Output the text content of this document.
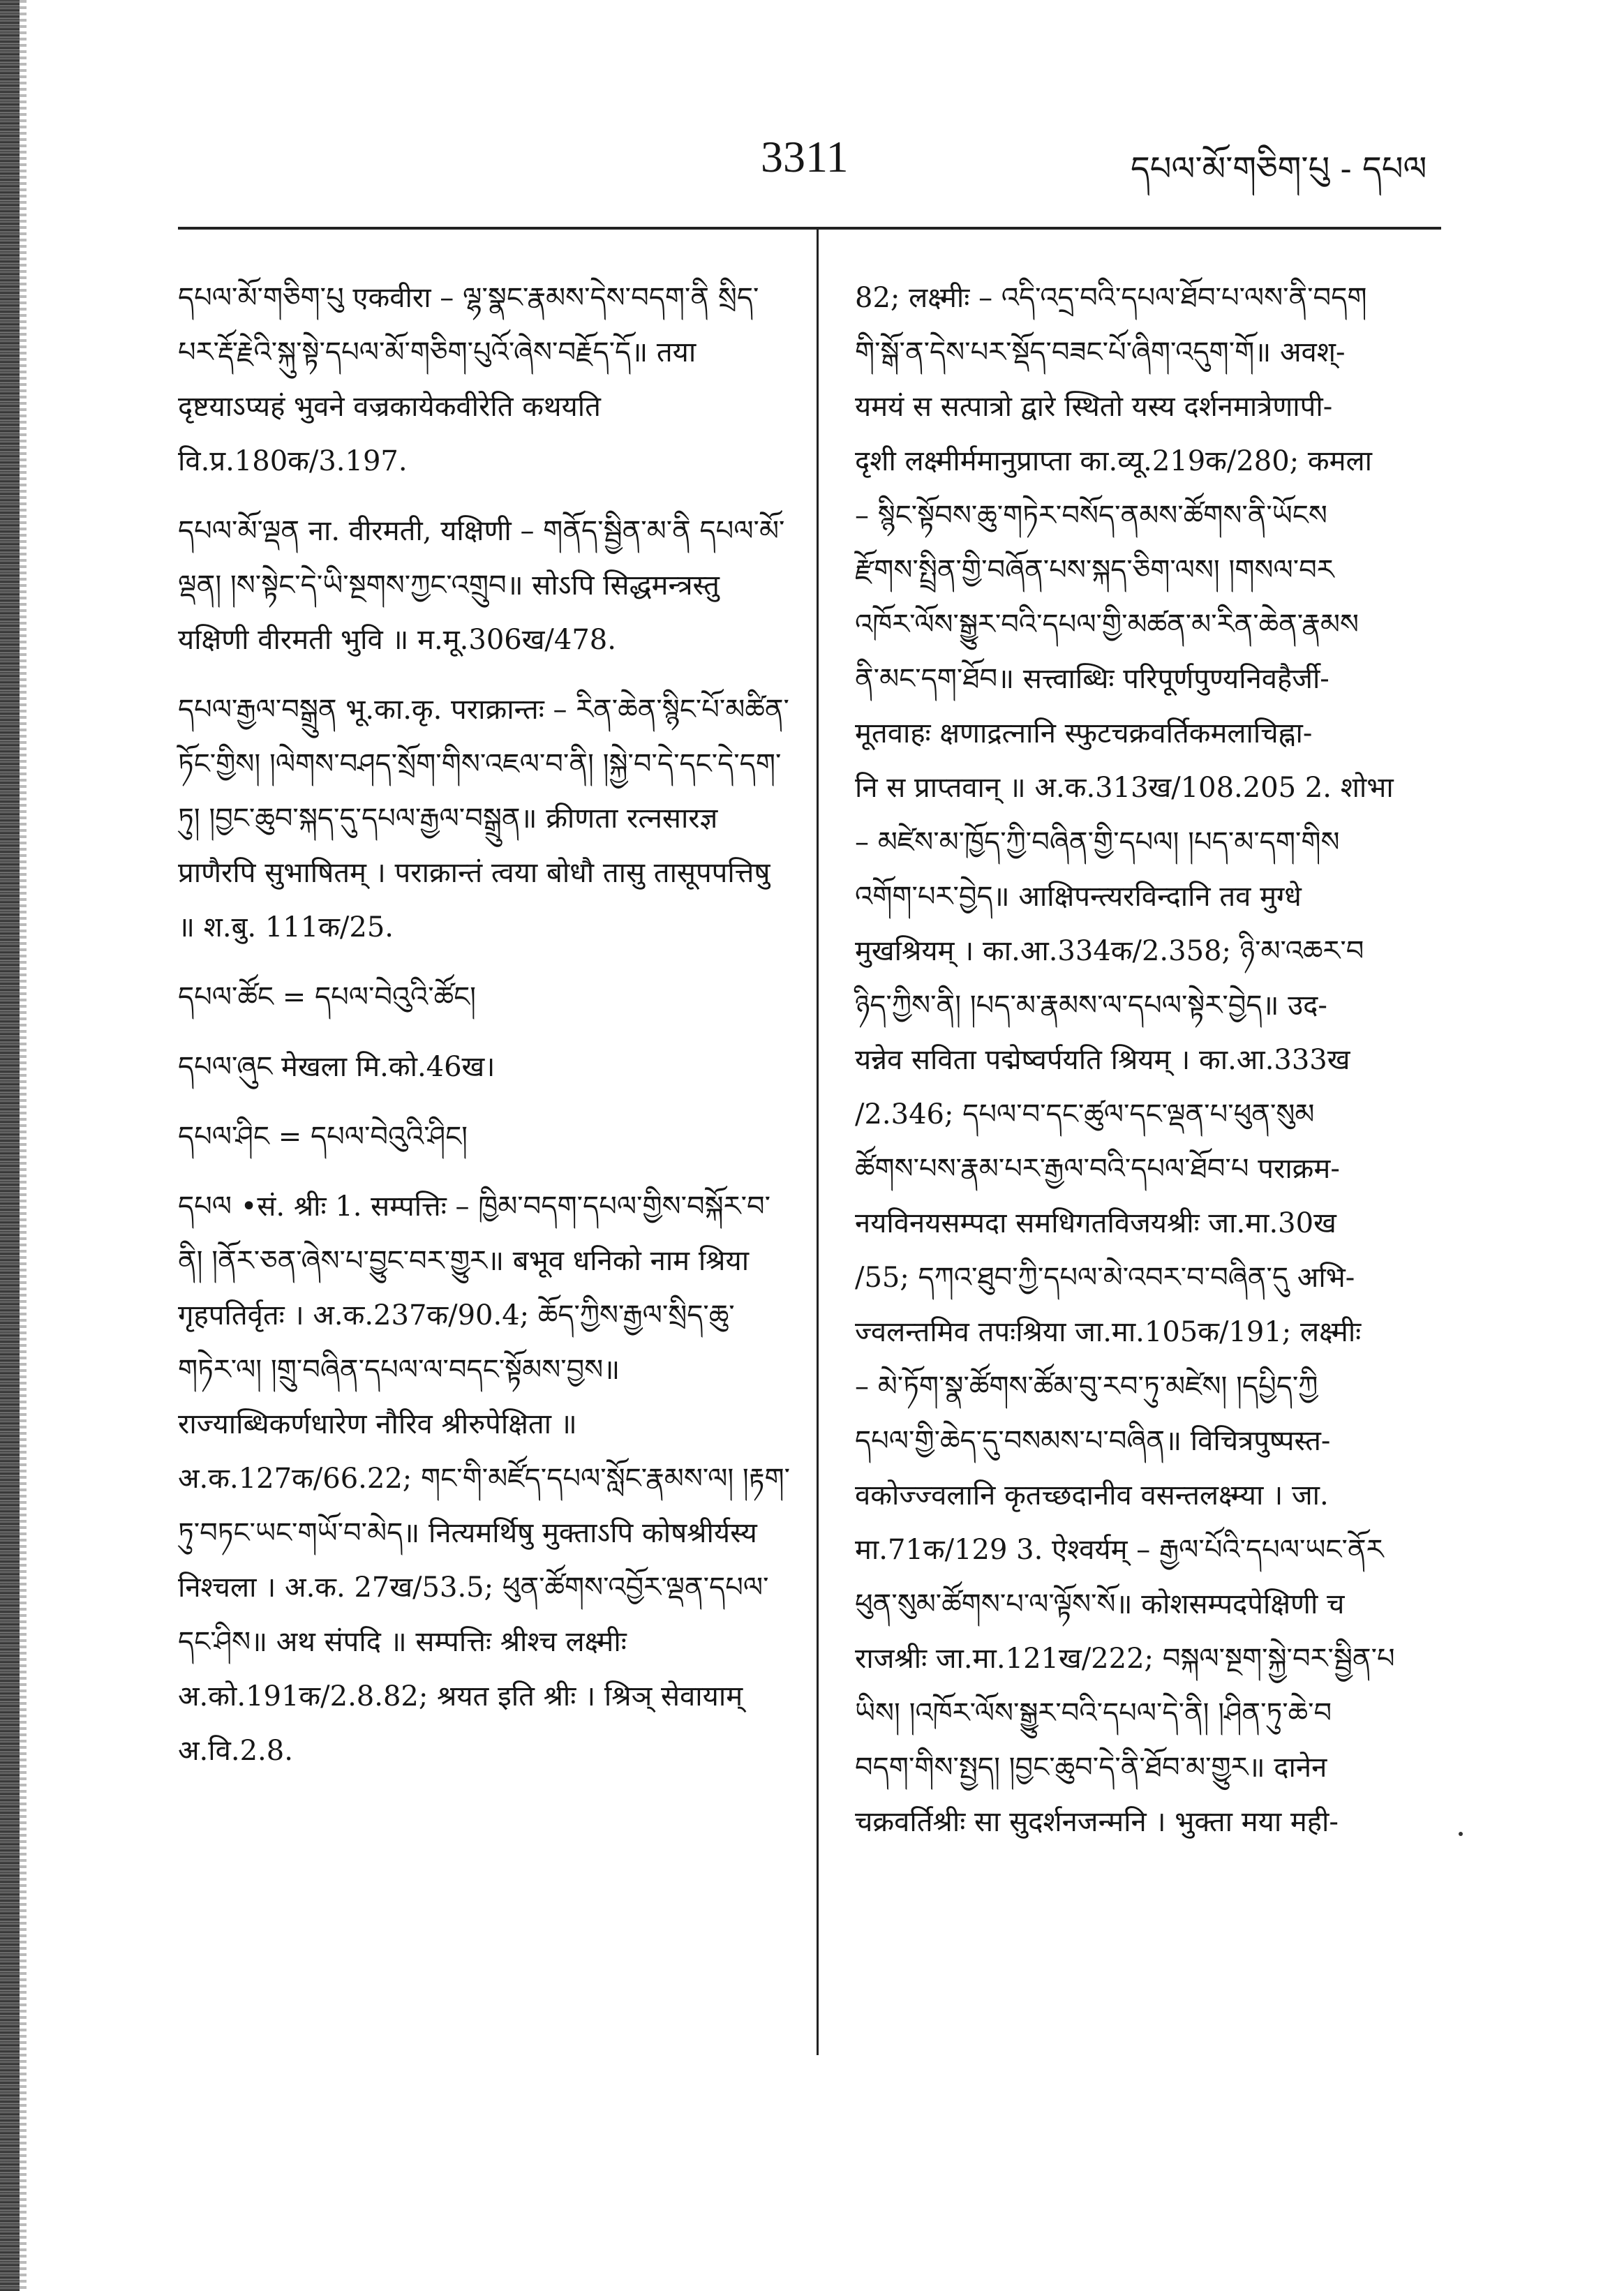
3311	དཔལ་མོ་གཅིག་པུ - དཔལ

དཔལ་མོ་གཅིག་པུ एकवीरा – ལྷ་སྣང་རྣམས་དེས་བདག་ནི སྲིད་པར་རྡོ་རྗེའི་སྐུ་སྟེ་དཔལ་མོ་གཅིག་པུའོ་ཞེས་བརྗོད་དོ॥ तया दृष्टयाऽप्यहं भुवने वज्रकायेकवीरेति कथयति वि.प्र.180क/3.197.

དཔལ་མོ་ལྡན ना. वीरमती, यक्षिणी – གནོད་སྦྱིན་མ་ནི དཔལ་མོ་ལྡན། །ས་སྟེང་དེ་ཡི་སྔགས་ཀྱང་འགྲུབ॥ सोऽपि सिद्धमन्त्रस्तु यक्षिणी वीरमती भुवि ॥ म.मू.306ख/478.

དཔལ་རྒྱལ་བསྒྲུན भू.का.कृ. पराक्रान्तः – རིན་ཆེན་སྙིང་པོ་མཚིན་ཏོང་གྱིས། །ལེགས་བཤད་སྲོག་གིས་འཇལ་བ་ནི། །སྐྱེ་བ་དེ་དང་དེ་དག་ཏུ། །བྱང་ཆུབ་སྐད་དུ་དཔལ་རྒྱལ་བསྒྲུན॥ क्रीणता रत्नसारज्ञ प्राणैरपि सुभाषितम् । पराक्रान्तं त्वया बोधौ तासु तासूपपत्तिषु ॥ श.बु. 111क/25.

དཔལ་ཚོང = དཔལ་བེའུའི་ཚོང།

དཔལ་ཞུང मेखला मि.को.46ख।

དཔལ་ཤིང = དཔལ་བེའུའི་ཤིང།

དཔལ •सं. श्रीः 1. सम्पत्तिः – ཁྱིམ་བདག་དཔལ་གྱིས་བསྐོར་བ་ནི། །ནོར་ཅན་ཞེས་པ་བྱུང་བར་གྱུར॥ बभूव धनिको नाम श्रिया गृहपतिर्वृतः । अ.क.237क/90.4; ཆོད་ཀྱིས་རྒྱལ་སྲིད་ཆུ་གཏེར་ལ། །གྲུ་བཞིན་དཔལ་ལ་བདང་སྟོམས་བྱས॥ राज्याब्धिकर्णधारेण नौरिव श्रीरुपेक्षिता ॥ अ.क.127क/66.22; གང་གི་མཛོད་དཔལ་སློང་རྣམས་ལ། །རྟག་ཏུ་བཏང་ཡང་གཡོ་བ་མེད॥ नित्यमर्थिषु मुक्ताऽपि कोषश्रीर्यस्य निश्चला । अ.क. 27ख/53.5; ཕུན་ཚོགས་འབྱོར་ལྡན་དཔལ་དང་ཤིས॥ अथ संपदि ॥ सम्पत्तिः श्रीश्च लक्ष्मीः अ.को.191क/2.8.82; श्रयत इति श्रीः । श्रिञ् सेवायाम् अ.वि.2.8.

82; लक्ष्मीः – འདི་འདྲ་བའི་དཔལ་ཐོབ་པ་ལས་ནི་བདག

གི་སྒོ་ན་དེས་པར་སྡོད་བཟང་པོ་ཞིག་འདུག་གོ॥ अवश्-

यमयं स सत्पात्रो द्वारे स्थितो यस्य दर्शनमात्रेणापी-

दृशी लक्ष्मीर्ममानुप्राप्ता का.व्यू.219क/280; कमला

– སྙིང་སྟོབས་ཆུ་གཏེར་བསོད་ནམས་ཚོགས་ནི་ཡོངས

རྫོགས་སྤྲིན་གྱི་བཞོན་པས་སྐད་ཅིག་ལས། །གསལ་བར

འཁོར་ལོས་སྒྱུར་བའི་དཔལ་གྱི་མཚན་མ་རིན་ཆེན་རྣམས

ནི་མང་དག་ཐོབ॥ सत्त्वाब्धिः परिपूर्णपुण्यनिवहैर्जी-

मूतवाहः क्षणाद्रत्नानि स्फुटचक्रवर्तिकमलाचिह्ना-

नि स प्राप्तवान् ॥ अ.क.313ख/108.205 2. शोभा

– མཛེས་མ་ཁྱོད་ཀྱི་བཞིན་གྱི་དཔལ། །པད་མ་དག་གིས

འགོག་པར་བྱེད॥ आक्षिपन्त्यरविन्दानि तव मुग्धे

मुखश्रियम् । का.आ.334क/2.358; ཉི་མ་འཆར་བ

ཉིད་ཀྱིས་ནི། །པད་མ་རྣམས་ལ་དཔལ་སྟེར་བྱེད॥ उद-

यन्नेव सविता पद्मेष्वर्पयति श्रियम् । का.आ.333ख

/2.346; དཔལ་བ་དང་ཚུལ་དང་ལྡན་པ་ཕུན་སུམ

ཚོགས་པས་རྣམ་པར་རྒྱལ་བའི་དཔལ་ཐོབ་པ पराक्रम-

नयविनयसम्पदा समधिगतविजयश्रीः जा.मा.30ख

/55; དཀའ་ཐུབ་ཀྱི་དཔལ་མེ་འབར་བ་བཞིན་དུ अभि-

ज्वलन्तमिव तपःश्रिया जा.मा.105क/191; लक्ष्मीः

– མེ་ཏོག་སྣ་ཚོགས་ཚོམ་བུ་རབ་ཏུ་མཛེས། །དཔྱིད་ཀྱི

དཔལ་གྱི་ཆེད་དུ་བསམས་པ་བཞིན॥ विचित्रपुष्पस्त-

वकोज्ज्वलानि कृतच्छदानीव वसन्तलक्ष्म्या । जा.

मा.71क/129 3. ऐश्वर्यम् – རྒྱལ་པོའི་དཔལ་ཡང་ནོར

ཕུན་སུམ་ཚོགས་པ་ལ་ལྟོས་སོ॥ कोशसम्पदपेक्षिणी च

राजश्रीः जा.मा.121ख/222; བསྐལ་སྔག་སྐྱེ་བར་སྦྱིན་པ

ཡིས། །འཁོར་ལོས་སྒྱུར་བའི་དཔལ་དེ་ནི། །ཤིན་ཏུ་ཆེ་བ

བདག་གིས་སྤྱད། །བྱང་ཆུབ་དེ་ནི་ཐོབ་མ་གྱུར॥ दानेन

चक्रवर्तिश्रीः सा सुदर्शनजन्मनि । भुक्ता मया मही-
